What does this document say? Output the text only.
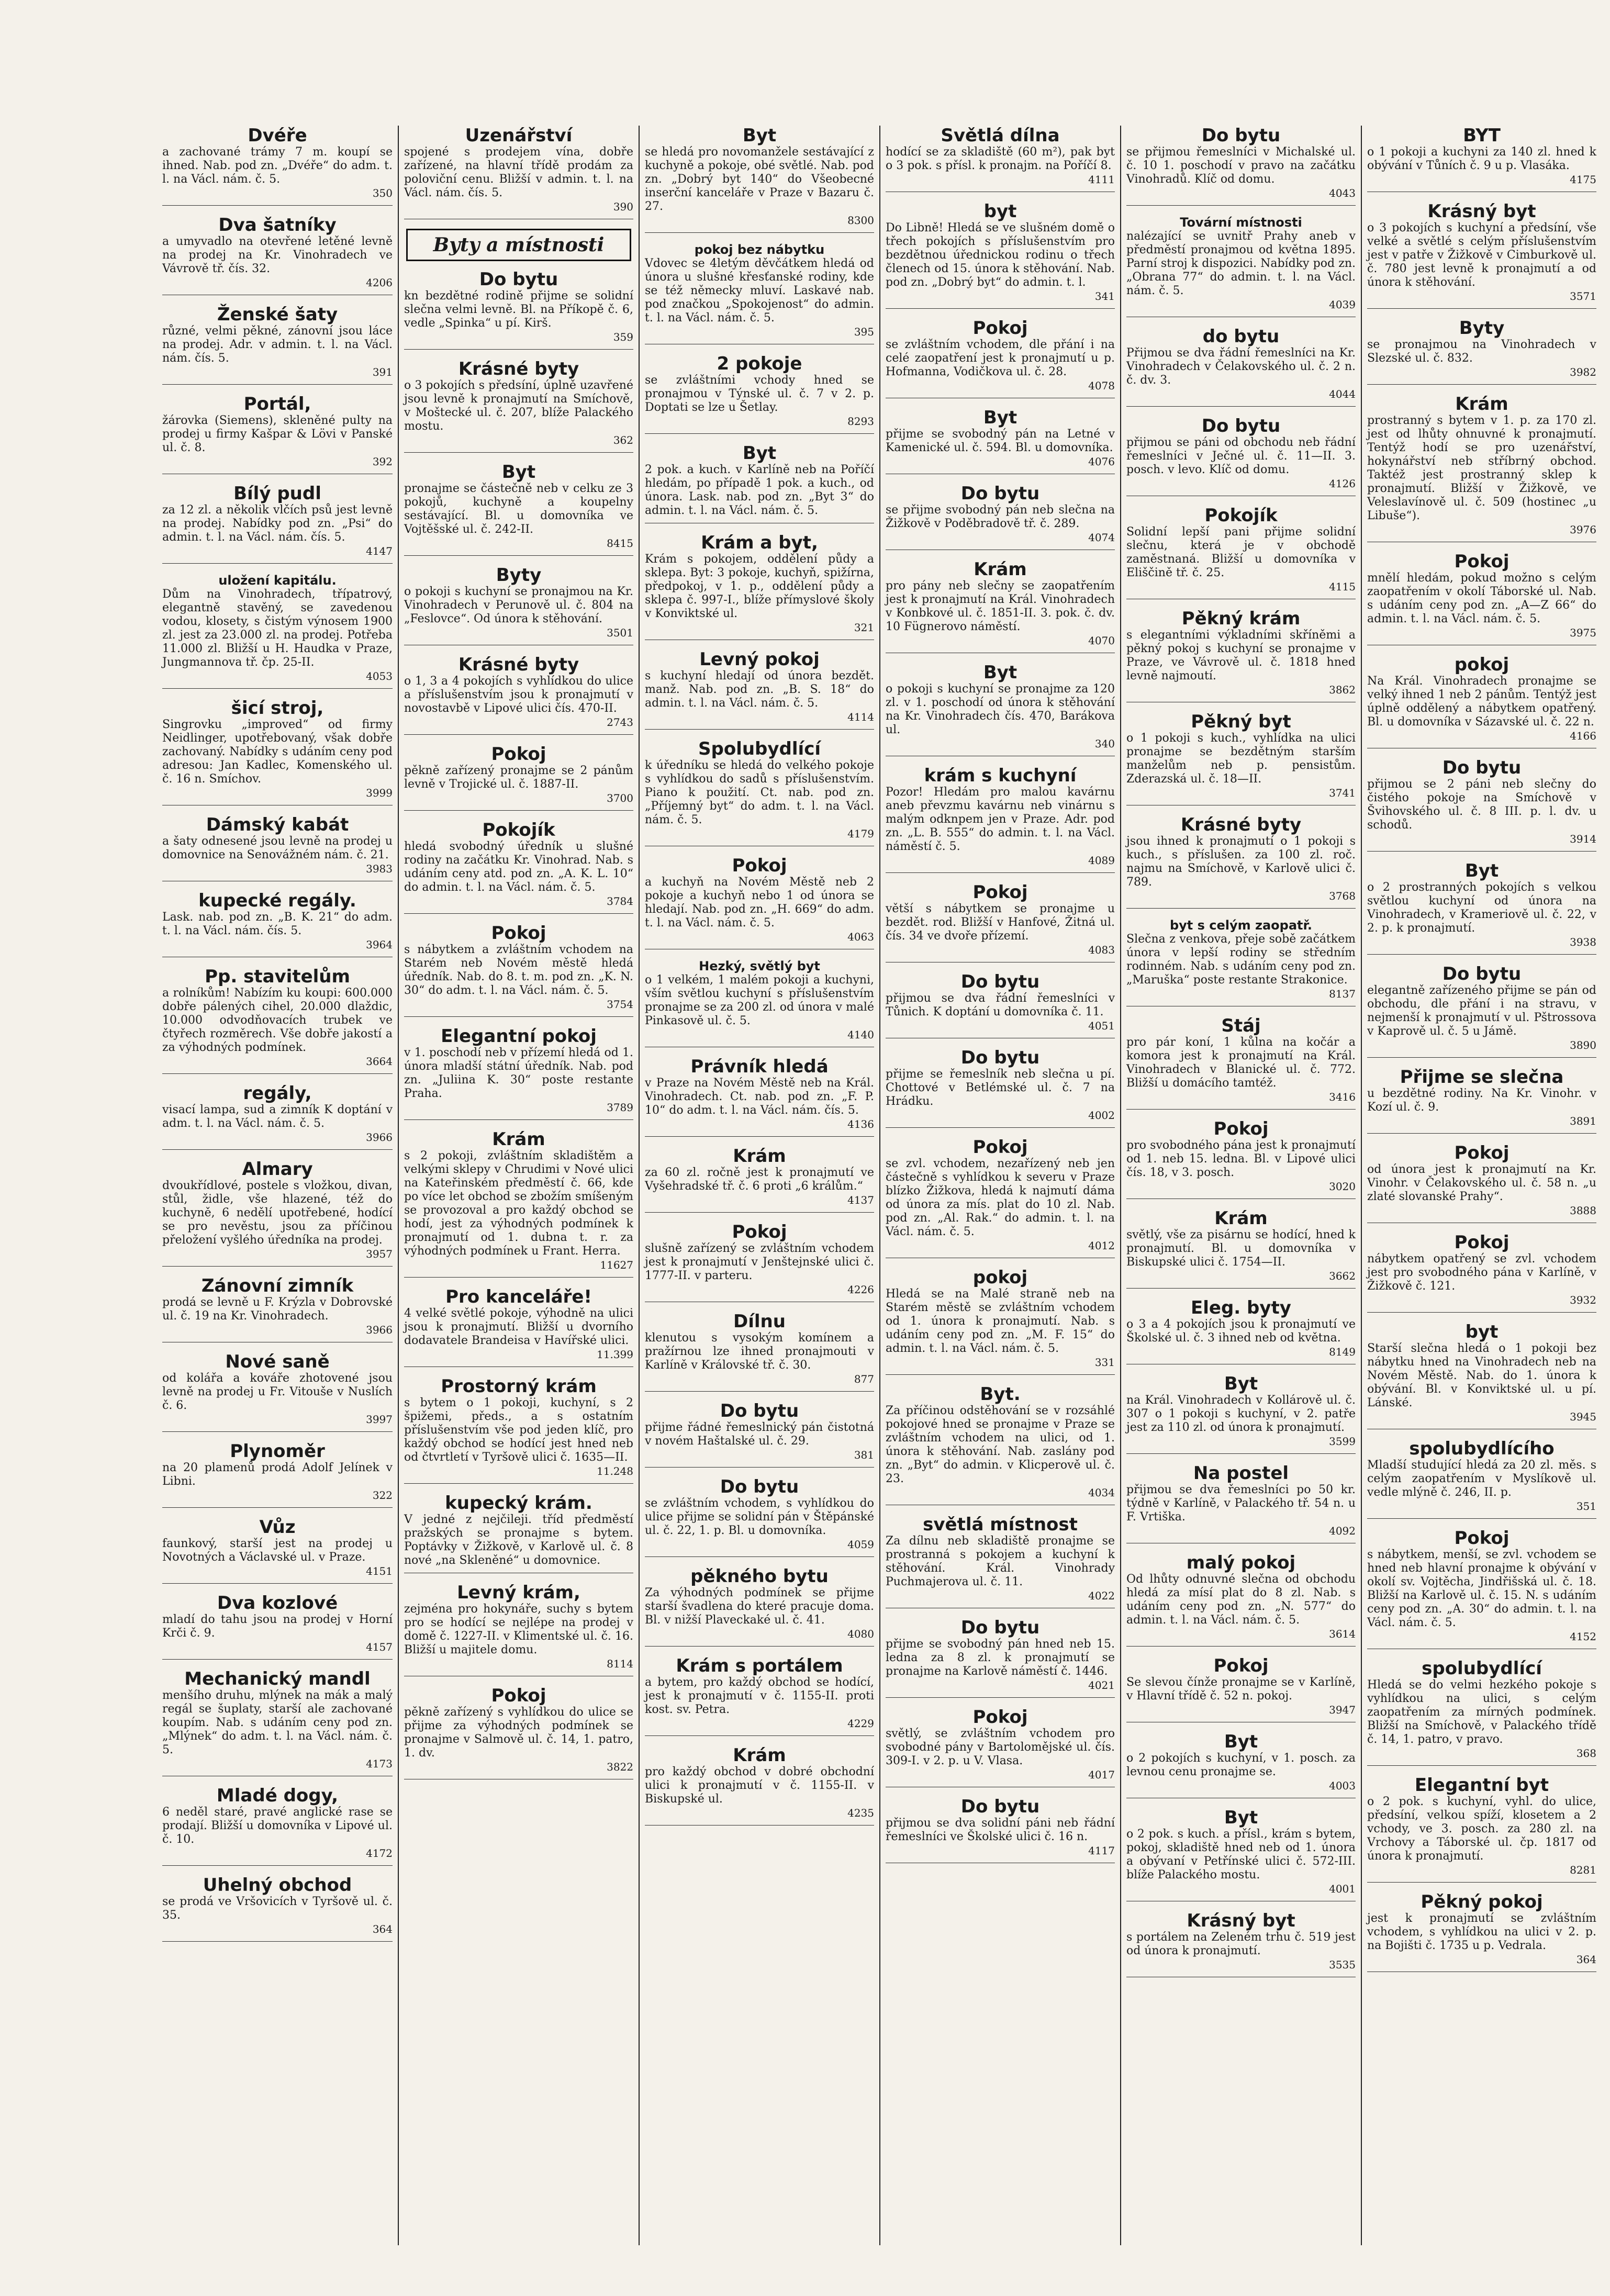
Dvéře
a zachované trámy 7 m. koupí se ihned. Nab. pod zn. „Dvéře“ do adm. t. l. na Václ. nám. č. 5.
350
Dva šatníky
a umyvadlo na otevřené letěné levně na prodej na Kr. Vinohradech ve Vávrově tř. čís. 32.
4206
Ženské šaty
různé, velmi pěkné, zánovní jsou láce na prodej. Adr. v admin. t. l. na Václ. nám. čís. 5.
391
Portál,
žárovka (Siemens), skleněné pulty na prodej u firmy Kašpar & Lövi v Panské ul. č. 8.
392
Bílý pudl
za 12 zl. a několik vlčích psů jest levně na prodej. Nabídky pod zn. „Psi“ do admin. t. l. na Václ. nám. čís. 5.
4147
uložení kapitálu.
Dům na Vinohradech, třípatrový, elegantně stavěný, se zavedenou vodou, klosety, s čistým výnosem 1900 zl. jest za 23.000 zl. na prodej. Potřeba 11.000 zl. Bližší u H. Haudka v Praze, Jungmannova tř. čp. 25-II.
4053
šicí stroj,
Singrovku „improved“ od firmy Neidlinger, upotřebovaný, však dobře zachovaný. Nabídky s udáním ceny pod adresou: Jan Kadlec, Komenského ul. č. 16 n. Smíchov.
3999
Dámský kabát
a šaty odnesené jsou levně na prodej u domovnice na Senovážném nám. č. 21.
3983
kupecké regály.
Lask. nab. pod zn. „B. K. 21“ do adm. t. l. na Václ. nám. čís. 5.
3964
Pp. stavitelům
a rolníkům! Nabízím ku koupi: 600.000 dobře pálených cihel, 20.000 dlaždic, 10.000 odvodňovacích trubek ve čtyřech rozměrech. Vše dobře jakostí a za výhodných podmínek.
3664
regály,
visací lampa, sud a zimník K doptání v adm. t. l. na Václ. nám. č. 5.
3966
Almary
dvoukřídlové, postele s vložkou, divan, stůl, židle, vše hlazené, též do kuchyně, 6 nedělí upotřebené, hodící se pro nevěstu, jsou za příčinou přeložení vyšlého úředníka na prodej.
3957
Zánovní zimník
prodá se levně u F. Krýzla v Dobrovské ul. č. 19 na Kr. Vinohradech.
3966
Nové saně
od kolářa a kováře zhotovené jsou levně na prodej u Fr. Vitouše v Nuslích č. 6.
3997
Plynoměr
na 20 plamenů prodá Adolf Jelínek v Libni.
322
Vůz
faunkový, starší jest na prodej u Novotných a Václavské ul. v Praze.
4151
Dva kozlové
mladí do tahu jsou na prodej v Horní Krči č. 9.
4157
Mechanický mandl
menšího druhu, mlýnek na mák a malý regál se šuplaty, starší ale zachované koupím. Nab. s udáním ceny pod zn. „Mlýnek“ do adm. t. l. na Václ. nám. č. 5.
4173
Mladé dogy,
6 neděl staré, pravé anglické rase se prodají. Bližší u domovníka v Lipové ul. č. 10.
4172
Uhelný obchod
se prodá ve Vršovicích v Tyršově ul. č. 35.
364
Uzenářství
spojené s prodejem vína, dobře zařízené, na hlavní třídě prodám za poloviční cenu. Bližší v admin. t. l. na Václ. nám. čís. 5.
390
Byty a místnosti
Do bytu
kn bezdětné rodině přijme se solidní slečna velmi levně. Bl. na Příkopě č. 6, vedle „Spinka“ u pí. Kirš.
359
Krásné byty
o 3 pokojích s předsíní, úplně uzavřené jsou levně k pronajmutí na Smíchově, v Moštecké ul. č. 207, blíže Palackého mostu.
362
Byt
pronajme se částečně neb v celku ze 3 pokojů, kuchyně a koupelny sestávající. Bl. u domovníka ve Vojtěšské ul. č. 242-II.
8415
Byty
o pokoji s kuchyní se pronajmou na Kr. Vinohradech v Perunově ul. č. 804 na „Feslovce“. Od února k stěhování.
3501
Krásné byty
o 1, 3 a 4 pokojích s vyhlídkou do ulice a příslušenstvím jsou k pronajmutí v novostavbě v Lipové ulici čís. 470-II.
2743
Pokoj
pěkně zařízený pronajme se 2 pánům levně v Trojické ul. č. 1887-II.
3700
Pokojík
hledá svobodný úředník u slušné rodiny na začátku Kr. Vinohrad. Nab. s udáním ceny atd. pod zn. „A. K. L. 10“ do admin. t. l. na Václ. nám. č. 5.
3784
Pokoj
s nábytkem a zvláštním vchodem na Starém neb Novém městě hledá úředník. Nab. do 8. t. m. pod zn. „K. N. 30“ do adm. t. l. na Václ. nám. č. 5.
3754
Elegantní pokoj
v 1. poschodí neb v přízemí hledá od 1. února mladší státní úředník. Nab. pod zn. „Juliina K. 30“ poste restante Praha.
3789
Krám
s 2 pokoji, zvláštním skladištěm a velkými sklepy v Chrudimi v Nové ulici na Kateřinském předměstí č. 66, kde po více let obchod se zbožím smíšeným se provozoval a pro každý obchod se hodí, jest za výhodných podmínek k pronajmutí od 1. dubna t. r. za výhodných podmínek u Frant. Herra.
11627
Pro kanceláře!
4 velké světlé pokoje, výhodně na ulici jsou k pronajmutí. Bližší u dvorního dodavatele Brandeisa v Havířské ulici.
11.399
Prostorný krám
s bytem o 1 pokoji, kuchyní, s 2 špižemi, předs., a s ostatním příslušenstvím vše pod jeden klíč, pro každý obchod se hodící jest hned neb od čtvrtletí v Tyršově ulici č. 1635—II.
11.248
kupecký krám.
V jedné z nejčileji. tříd předměstí pražských se pronajme s bytem. Poptávky v Žižkově, v Karlově ul. č. 8 nové „na Skleněné“ u domovnice.
Levný krám,
zejména pro hokynáře, suchy s bytem pro se hodící se nejlépe na prodej v domě č. 1227-II. v Klimentské ul. č. 16. Bližší u majitele domu.
8114
Pokoj
pěkně zařízený s vyhlídkou do ulice se přijme za výhodných podmínek se pronajme v Salmově ul. č. 14, 1. patro, 1. dv.
3822
Byt
se hledá pro novomanžele sestávající z kuchyně a pokoje, obé světlé. Nab. pod zn. „Dobrý byt 140“ do Všeobecné inserční kanceláře v Praze v Bazaru č. 27.
8300
pokoj bez nábytku
Vdovec se 4letým děvčátkem hledá od února u slušné křesťanské rodiny, kde se též německy mluví. Laskavé nab. pod značkou „Spokojenost“ do admin. t. l. na Václ. nám. č. 5.
395
2 pokoje
se zvláštními vchody hned se pronajmou v Týnské ul. č. 7 v 2. p. Doptati se lze u Šetlay.
8293
Byt
2 pok. a kuch. v Karlíně neb na Poříčí hledám, po případě 1 pok. a kuch., od února. Lask. nab. pod zn. „Byt 3“ do admin. t. l. na Václ. nám. č. 5.
Krám a byt,
Krám s pokojem, oddělení půdy a sklepa. Byt: 3 pokoje, kuchyň, spižírna, předpokoj, v 1. p., oddělení půdy a sklepa č. 997-I., blíže přímyslové školy v Konviktské ul.
321
Levný pokoj
s kuchyní hledají od února bezdět. manž. Nab. pod zn. „B. S. 18“ do admin. t. l. na Václ. nám. č. 5.
4114
Spolubydlící
k úředníku se hledá do velkého pokoje s vyhlídkou do sadů s příslušenstvím. Piano k použití. Ct. nab. pod zn. „Příjemný byt“ do adm. t. l. na Václ. nám. č. 5.
4179
Pokoj
a kuchyň na Novém Městě neb 2 pokoje a kuchyň nebo 1 od února se hledají. Nab. pod zn. „H. 669“ do adm. t. l. na Václ. nám. č. 5.
4063
Hezký, světlý byt
o 1 velkém, 1 malém pokoji a kuchyni, vším světlou kuchyní s příslušenstvím pronajme se za 200 zl. od února v malé Pinkasově ul. č. 5.
4140
Právník hledá
v Praze na Novém Městě neb na Král. Vinohradech. Ct. nab. pod zn. „F. P. 10“ do adm. t. l. na Václ. nám. čís. 5.
4136
Krám
za 60 zl. ročně jest k pronajmutí ve Vyšehradské tř. č. 6 proti „6 králům.“
4137
Pokoj
slušně zařízený se zvláštním vchodem jest k pronajmutí v Jenštejnské ulici č. 1777-II. v parteru.
4226
Dílnu
klenutou s vysokým komínem a pražírnou lze ihned pronajmouti v Karlíně v Královské tř. č. 30.
877
Do bytu
přijme řádné řemeslnický pán čistotná v novém Haštalské ul. č. 29.
381
Do bytu
se zvláštním vchodem, s vyhlídkou do ulice přijme se solidní pán v Štěpánské ul. č. 22, 1. p. Bl. u domovníka.
4059
pěkného bytu
Za výhodných podmínek se přijme starší švadlena do které pracuje doma. Bl. v nižší Plaveckaké ul. č. 41.
4080
Krám s portálem
a bytem, pro každý obchod se hodící, jest k pronajmutí v č. 1155-II. proti kost. sv. Petra.
4229
Krám
pro každý obchod v dobré obchodní ulici k pronajmutí v č. 1155-II. v Biskupské ul.
4235
Světlá dílna
hodící se za skladiště (60 m²), pak byt o 3 pok. s přísl. k pronajm. na Poříčí 8.
4111
byt
Do Libně! Hledá se ve slušném domě o třech pokojích s příslušenstvím pro bezdětnou úřednickou rodinu o třech členech od 15. února k stěhování. Nab. pod zn. „Dobrý byt“ do admin. t. l.
341
Pokoj
se zvláštním vchodem, dle přání i na celé zaopatření jest k pronajmutí u p. Hofmanna, Vodičkova ul. č. 28.
4078
Byt
přijme se svobodný pán na Letné v Kamenické ul. č. 594. Bl. u domovníka.
4076
Do bytu
se přijme svobodný pán neb slečna na Žižkově v Poděbradově tř. č. 289.
4074
Krám
pro pány neb slečny se zaopatřením jest k pronajmutí na Král. Vinohradech v Konbkové ul. č. 1851-II. 3. pok. č. dv. 10 Fügnerovo náměstí.
4070
Byt
o pokoji s kuchyní se pronajme za 120 zl. v 1. poschodí od února k stěhování na Kr. Vinohradech čís. 470, Barákova ul.
340
krám s kuchyní
Pozor! Hledám pro malou kavárnu aneb převzmu kavárnu neb vinárnu s malým odknpem jen v Praze. Adr. pod zn. „L. B. 555“ do admin. t. l. na Václ. náměstí č. 5.
4089
Pokoj
větší s nábytkem se pronajme u bezdět. rod. Bližší v Hanfové, Žitná ul. čís. 34 ve dvoře přízemí.
4083
Do bytu
přijmou se dva řádní řemeslníci v Tůnich. K doptání u domovníka č. 11.
4051
Do bytu
přijme se řemeslník neb slečna u pí. Chottové v Betlémské ul. č. 7 na Hrádku.
4002
Pokoj
se zvl. vchodem, nezařízený neb jen částečně s vyhlídkou k severu v Praze blízko Žižkova, hledá k najmutí dáma od února za mís. plat do 10 zl. Nab. pod zn. „Al. Rak.“ do admin. t. l. na Václ. nám. č. 5.
4012
pokoj
Hledá se na Malé straně neb na Starém městě se zvláštním vchodem od 1. února k pronajmutí. Nab. s udáním ceny pod zn. „M. F. 15“ do admin. t. l. na Václ. nám. č. 5.
331
Byt.
Za příčinou odstěhování se v rozsáhlé pokojové hned se pronajme v Praze se zvláštním vchodem na ulici, od 1. února k stěhování. Nab. zaslány pod zn. „Byt“ do admin. v Klicperově ul. č. 23.
4034
světlá místnost
Za dílnu neb skladiště pronajme se prostranná s pokojem a kuchyní k stěhování. Král. Vinohrady Puchmajerova ul. č. 11.
4022
Do bytu
přijme se svobodný pán hned neb 15. ledna za 8 zl. k pronajmutí se pronajme na Karlově náměstí č. 1446.
4021
Pokoj
světlý, se zvláštním vchodem pro svobodné pány v Bartolomějské ul. čís. 309-I. v 2. p. u V. Vlasa.
4017
Do bytu
přijmou se dva solidní páni neb řádní řemeslníci ve Školské ulici č. 16 n.
4117
Do bytu
se přijmou řemeslníci v Michalské ul. č. 10 1. poschodí v pravo na začátku Vinohradů. Klíč od domu.
4043
Tovární místnosti
nalézající se uvnitř Prahy aneb v předměstí pronajmou od května 1895. Parní stroj k dispozici. Nabídky pod zn. „Obrana 77“ do admin. t. l. na Václ. nám. č. 5.
4039
do bytu
Přijmou se dva řádní řemeslníci na Kr. Vinohradech v Čelakovského ul. č. 2 n. č. dv. 3.
4044
Do bytu
přijmou se páni od obchodu neb řádní řemeslníci v Ječné ul. č. 11—II. 3. posch. v levo. Klíč od domu.
4126
Pokojík
Solidní lepší pani přijme solidní slečnu, která je v obchodě zaměstnaná. Bližší u domovníka v Eliščině tř. č. 25.
4115
Pěkný krám
s elegantními výkladními skříněmi a pěkný pokoj s kuchyní se pronajme v Praze, ve Vávrově ul. č. 1818 hned levně najmoutí.
3862
Pěkný byt
o 1 pokoji s kuch., vyhlídka na ulici pronajme se bezdětným starším manželům neb p. pensistům. Zderazská ul. č. 18—II.
3741
Krásné byty
jsou ihned k pronajmutí o 1 pokoji s kuch., s příslušen. za 100 zl. roč. najmu na Smíchově, v Karlově ulici č. 789.
3768
byt s celým zaopatř.
Slečna z venkova, přeje sobě začátkem února v lepší rodiny se středním rodinném. Nab. s udáním ceny pod zn. „Maruška“ poste restante Strakonice.
8137
Stáj
pro pár koní, 1 kůlna na kočár a komora jest k pronajmutí na Král. Vinohradech v Blanické ul. č. 772. Bližší u domácího tamtéž.
3416
Pokoj
pro svobodného pána jest k pronajmutí od 1. neb 15. ledna. Bl. v Lipové ulici čís. 18, v 3. posch.
3020
Krám
světlý, vše za pisárnu se hodící, hned k pronajmutí. Bl. u domovníka v Biskupské ulici č. 1754—II.
3662
Eleg. byty
o 3 a 4 pokojích jsou k pronajmutí ve Školské ul. č. 3 ihned neb od května.
8149
Byt
na Král. Vinohradech v Kollárově ul. č. 307 o 1 pokoji s kuchyní, v 2. patře jest za 110 zl. od února k pronajmutí.
3599
Na postel
přijmou se dva řemeslníci po 50 kr. týdně v Karlíně, v Palackého tř. 54 n. u F. Vrtiška.
4092
malý pokoj
Od lhůty odnuvné slečna od obchodu hledá za mísí plat do 8 zl. Nab. s udáním ceny pod zn. „N. 577“ do admin. t. l. na Václ. nám. č. 5.
3614
Pokoj
Se slevou čínže pronajme se v Karlíně, v Hlavní třídě č. 52 n. pokoj.
3947
Byt
o 2 pokojích s kuchyní, v 1. posch. za levnou cenu pronajme se.
4003
Byt
o 2 pok. s kuch. a přísl., krám s bytem, pokoj, skladiště hned neb od 1. února a obývaní v Petřínské ulici č. 572-III. blíže Palackého mostu.
4001
Krásný byt
s portálem na Zeleném trhu č. 519 jest od února k pronajmutí.
3535
BYT
o 1 pokoji a kuchyni za 140 zl. hned k obývání v Tůních č. 9 u p. Vlasáka.
4175
Krásný byt
o 3 pokojích s kuchyní a předsíní, vše velké a světlé s celým příslušenstvím jest v patře v Žižkově v Cimburkově ul. č. 780 jest levně k pronajmutí a od února k stěhování.
3571
Byty
se pronajmou na Vinohradech v Slezské ul. č. 832.
3982
Krám
prostranný s bytem v 1. p. za 170 zl. jest od lhůty ohnuvné k pronajmutí. Tentýž hodí se pro uzenářství, hokynářství neb stříbrný obchod. Taktéž jest prostranný sklep k pronajmutí. Bližší v Žižkově, ve Veleslavínově ul. č. 509 (hostinec „u Libuše“).
3976
Pokoj
mnělí hledám, pokud možno s celým zaopatřením v okolí Táborské ul. Nab. s udáním ceny pod zn. „A—Z 66“ do admin. t. l. na Václ. nám. č. 5.
3975
pokoj
Na Král. Vinohradech pronajme se velký ihned 1 neb 2 pánům. Tentýž jest úplně oddělený a nábytkem opatřený. Bl. u domovníka v Sázavské ul. č. 22 n.
4166
Do bytu
přijmou se 2 páni neb slečny do čistého pokoje na Smíchově v Švihovského ul. č. 8 III. p. l. dv. u schodů.
3914
Byt
o 2 prostranných pokojích s velkou světlou kuchyní od února na Vinohradech, v Krameriově ul. č. 22, v 2. p. k pronajmutí.
3938
Do bytu
elegantně zařízeného přijme se pán od obchodu, dle přání i na stravu, v nejmenší k pronajmutí v ul. Pštrossova v Kaprově ul. č. 5 u Jámě.
3890
Přijme se slečna
u bezdětné rodiny. Na Kr. Vinohr. v Kozí ul. č. 9.
3891
Pokoj
od února jest k pronajmutí na Kr. Vinohr. v Čelakovského ul. č. 58 n. „u zlaté slovanské Prahy“.
3888
Pokoj
nábytkem opatřený se zvl. vchodem jest pro svobodného pána v Karlíně, v Žižkově č. 121.
3932
byt
Starší slečna hledá o 1 pokoji bez nábytku hned na Vinohradech neb na Novém Městě. Nab. do 1. února k obývání. Bl. v Konviktské ul. u pí. Lánské.
3945
spolubydlícího
Mladší studující hledá za 20 zl. měs. s celým zaopatřením v Myslíkově ul. vedle mlýně č. 246, II. p.
351
Pokoj
s nábytkem, menší, se zvl. vchodem se hned neb hlavní pronajme k obývání v okolí sv. Vojtěcha, Jindřišská ul. č. 18. Bližší na Karlově ul. č. 15. N. s udáním ceny pod zn. „A. 30“ do admin. t. l. na Václ. nám. č. 5.
4152
spolubydlící
Hledá se do velmi hezkého pokoje s vyhlídkou na ulici, s celým zaopatřením za mírných podmínek. Bližší na Smíchově, v Palackého třídě č. 14, 1. patro, v pravo.
368
Elegantní byt
o 2 pok. s kuchyní, vyhl. do ulice, předsíní, velkou spíží, klosetem a 2 vchody, ve 3. posch. za 280 zl. na Vrchovy a Táborské ul. čp. 1817 od února k pronajmutí.
8281
Pěkný pokoj
jest k pronajmutí se zvláštním vchodem, s vyhlídkou na ulici v 2. p. na Bojišti č. 1735 u p. Vedrala.
364
